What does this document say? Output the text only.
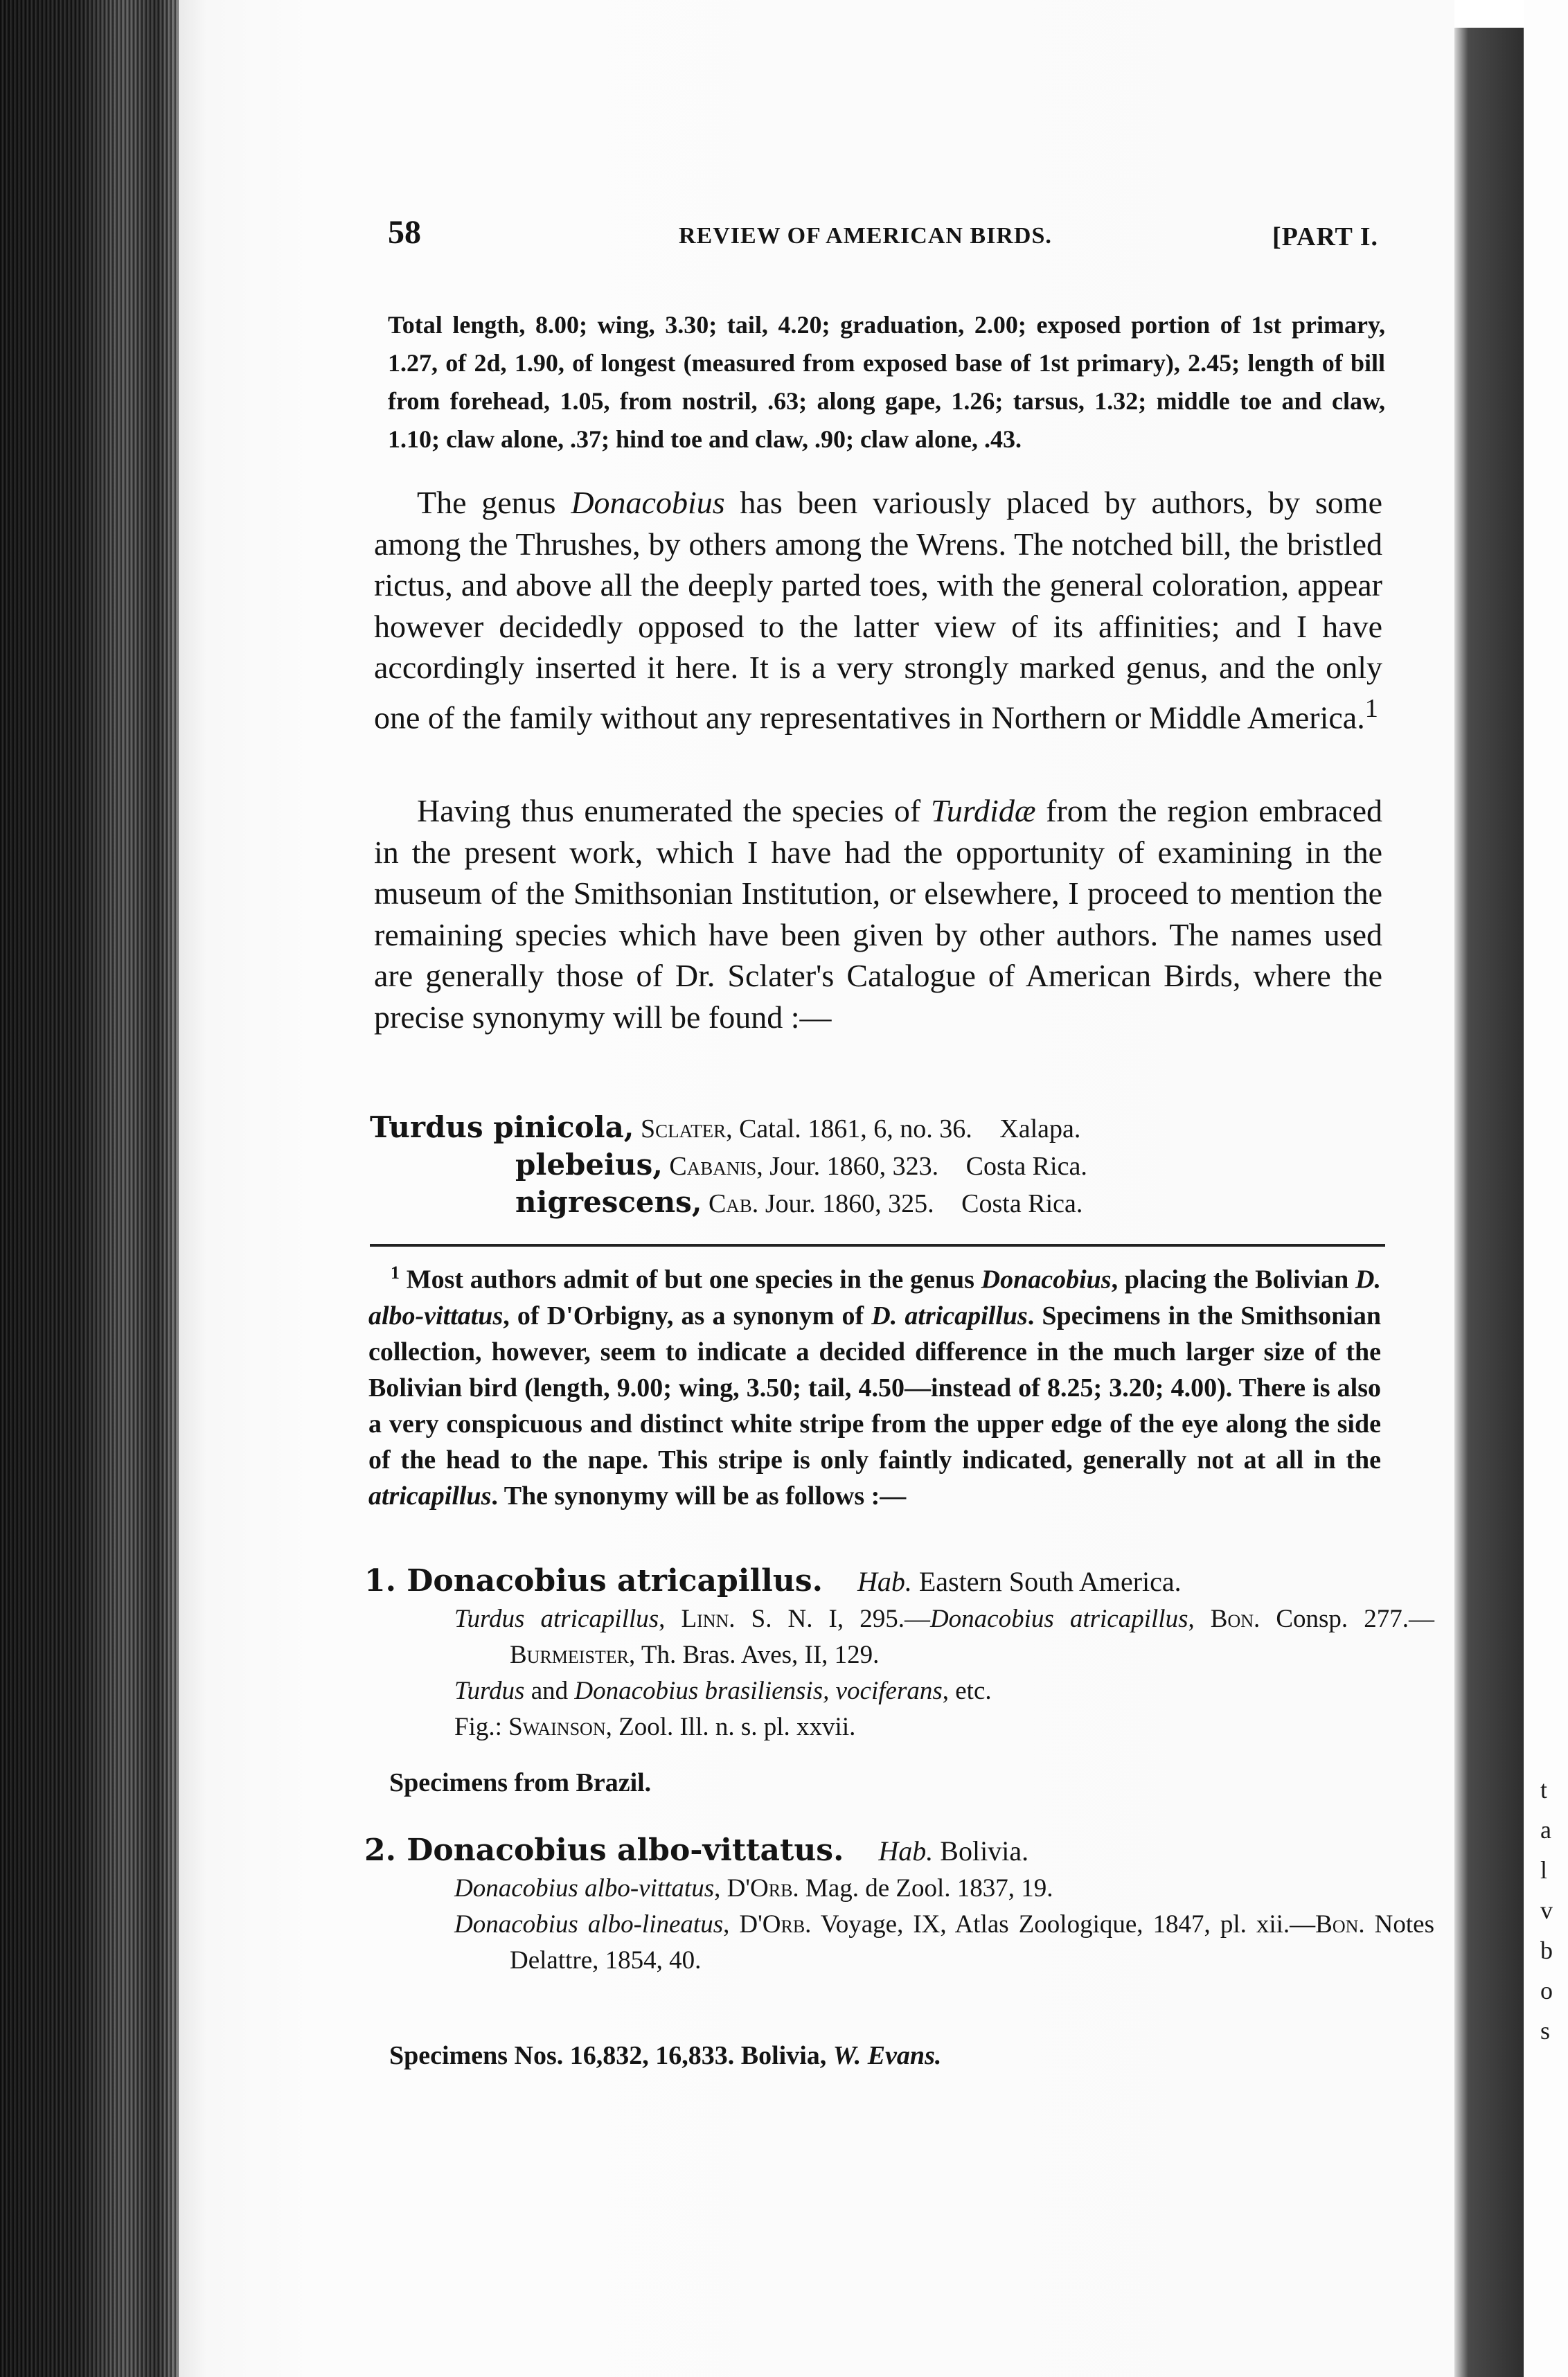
t
a
l
v
b
o
s
58	REVIEW OF AMERICAN BIRDS.	[PART I.

Total length, 8.00; wing, 3.30; tail, 4.20; graduation, 2.00; exposed portion of 1st primary, 1.27, of 2d, 1.90, of longest (measured from exposed base of 1st primary), 2.45; length of bill from forehead, 1.05, from nostril, .63; along gape, 1.26; tarsus, 1.32; middle toe and claw, 1.10; claw alone, .37; hind toe and claw, .90; claw alone, .43.

The genus Donacobius has been variously placed by authors, by some among the Thrushes, by others among the Wrens. The notched bill, the bristled rictus, and above all the deeply parted toes, with the general coloration, appear however decidedly opposed to the latter view of its affinities; and I have accordingly inserted it here. It is a very strongly marked genus, and the only one of the family without any representatives in Northern or Middle America.$^1$

Having thus enumerated the species of Turdidæ from the region embraced in the present work, which I have had the opportunity of examining in the museum of the Smithsonian Institution, or elsewhere, I proceed to mention the remaining species which have been given by other authors. The names used are generally those of Dr. Sclater's Catalogue of American Birds, where the precise synonymy will be found :—

Turdus pinicola, Sclater, Catal. 1861, 6, no. 36. Xalapa.
plebeius, Cabanis, Jour. 1860, 323. Costa Rica.
nigrescens, Cab. Jour. 1860, 325. Costa Rica.

$^1$ Most authors admit of but one species in the genus Donacobius, placing the Bolivian D. albo-vittatus, of D'Orbigny, as a synonym of D. atricapillus. Specimens in the Smithsonian collection, however, seem to indicate a decided difference in the much larger size of the Bolivian bird (length, 9.00; wing, 3.50; tail, 4.50—instead of 8.25; 3.20; 4.00). There is also a very conspicuous and distinct white stripe from the upper edge of the eye along the side of the head to the nape. This stripe is only faintly indicated, generally not at all in the atricapillus. The synonymy will be as follows :—

1. Donacobius atricapillus. Hab. Eastern South America.

Turdus atricapillus, Linn. S. N. I, 295.—Donacobius atricapillus, Bon. Consp. 277.—Burmeister, Th. Bras. Aves, II, 129.

Turdus and Donacobius brasiliensis, vociferans, etc.

Fig.: Swainson, Zool. Ill. n. s. pl. xxvii.

Specimens from Brazil.
2. Donacobius albo-vittatus. Hab. Bolivia.

Donacobius albo-vittatus, D'Orb. Mag. de Zool. 1837, 19.

Donacobius albo-lineatus, D'Orb. Voyage, IX, Atlas Zoologique, 1847, pl. xii.—Bon. Notes Delattre, 1854, 40.

Specimens Nos. 16,832, 16,833. Bolivia, W. Evans.
